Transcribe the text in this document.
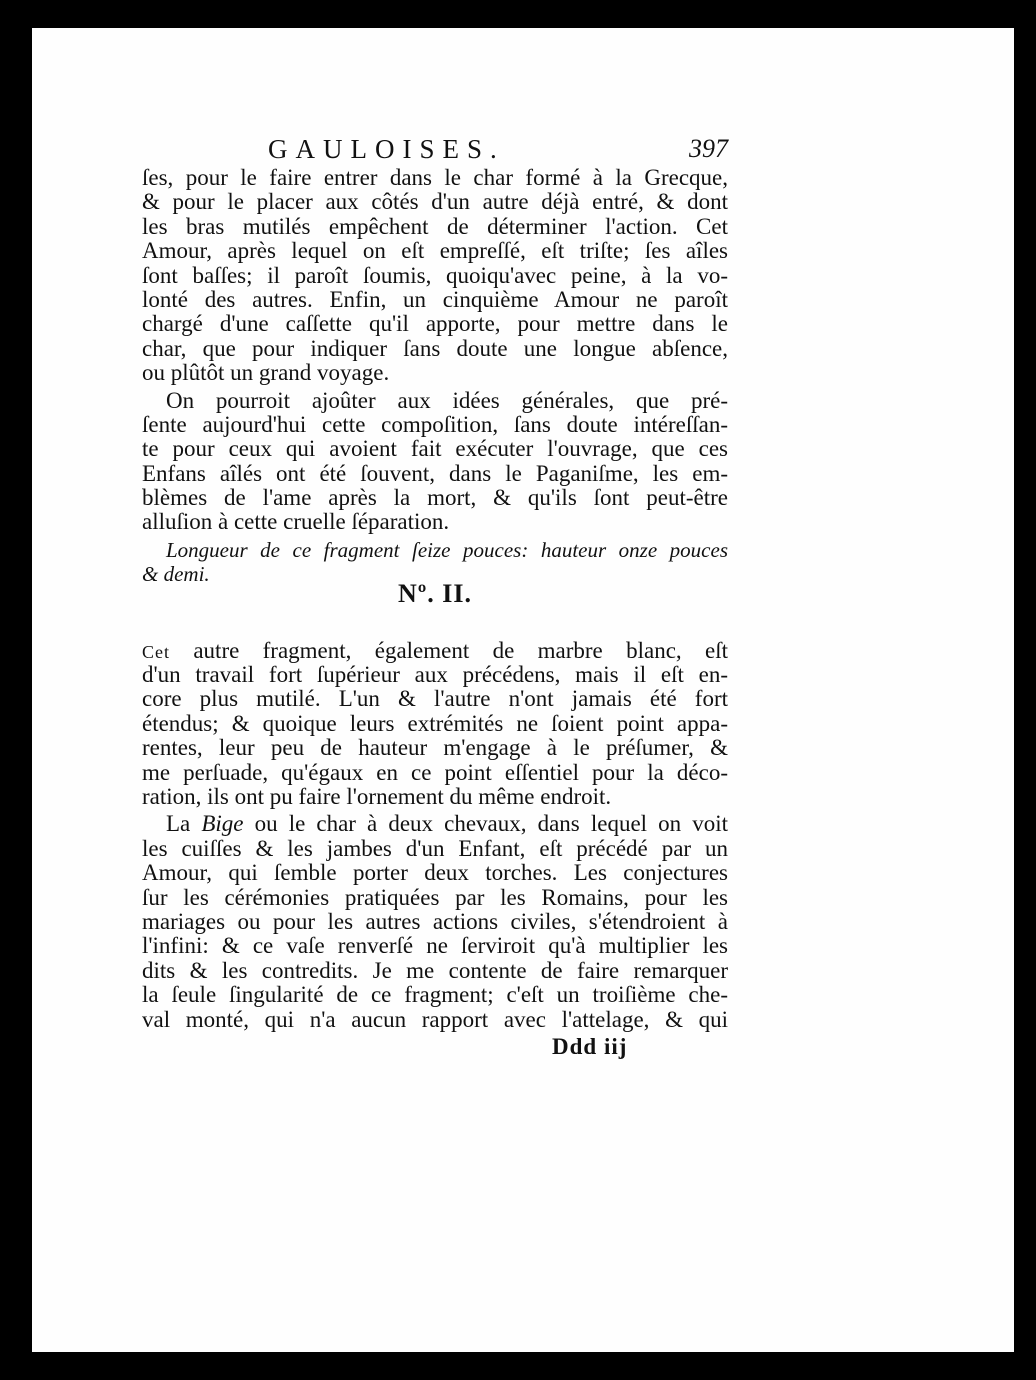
GAULOISES.	397
ſes, pour le faire entrer dans le char formé à la Grecque,
& pour le placer aux côtés d'un autre déjà entré, & dont
les bras mutilés empêchent de déterminer l'action. Cet
Amour, après lequel on eſt empreſſé, eſt triſte; ſes aîles
ſont baſſes; il paroît ſoumis, quoiqu'avec peine, à la vo-
lonté des autres. Enfin, un cinquième Amour ne paroît
chargé d'une caſſette qu'il apporte, pour mettre dans le
char, que pour indiquer ſans doute une longue abſence,
ou plûtôt un grand voyage.
On pourroit ajoûter aux idées générales, que pré-
ſente aujourd'hui cette compoſition, ſans doute intéreſſan-
te pour ceux qui avoient fait exécuter l'ouvrage, que ces
Enfans aîlés ont été ſouvent, dans le Paganiſme, les em-
blèmes de l'ame après la mort, & qu'ils ſont peut-être
alluſion à cette cruelle ſéparation.
Longueur de ce fragment ſeize pouces: hauteur onze pouces
& demi.
Nº. II.
Cet autre fragment, également de marbre blanc, eſt
d'un travail fort ſupérieur aux précédens, mais il eſt en-
core plus mutilé. L'un & l'autre n'ont jamais été fort
étendus; & quoique leurs extrémités ne ſoient point appa-
rentes, leur peu de hauteur m'engage à le préſumer, &
me perſuade, qu'égaux en ce point eſſentiel pour la déco-
ration, ils ont pu faire l'ornement du même endroit.
La Bige ou le char à deux chevaux, dans lequel on voit
les cuiſſes & les jambes d'un Enfant, eſt précédé par un
Amour, qui ſemble porter deux torches. Les conjectures
ſur les cérémonies pratiquées par les Romains, pour les
mariages ou pour les autres actions civiles, s'étendroient à
l'infini: & ce vaſe renverſé ne ſerviroit qu'à multiplier les
dits & les contredits. Je me contente de faire remarquer
la ſeule ſingularité de ce fragment; c'eſt un troiſième che-
val monté, qui n'a aucun rapport avec l'attelage, & qui
Ddd iij
